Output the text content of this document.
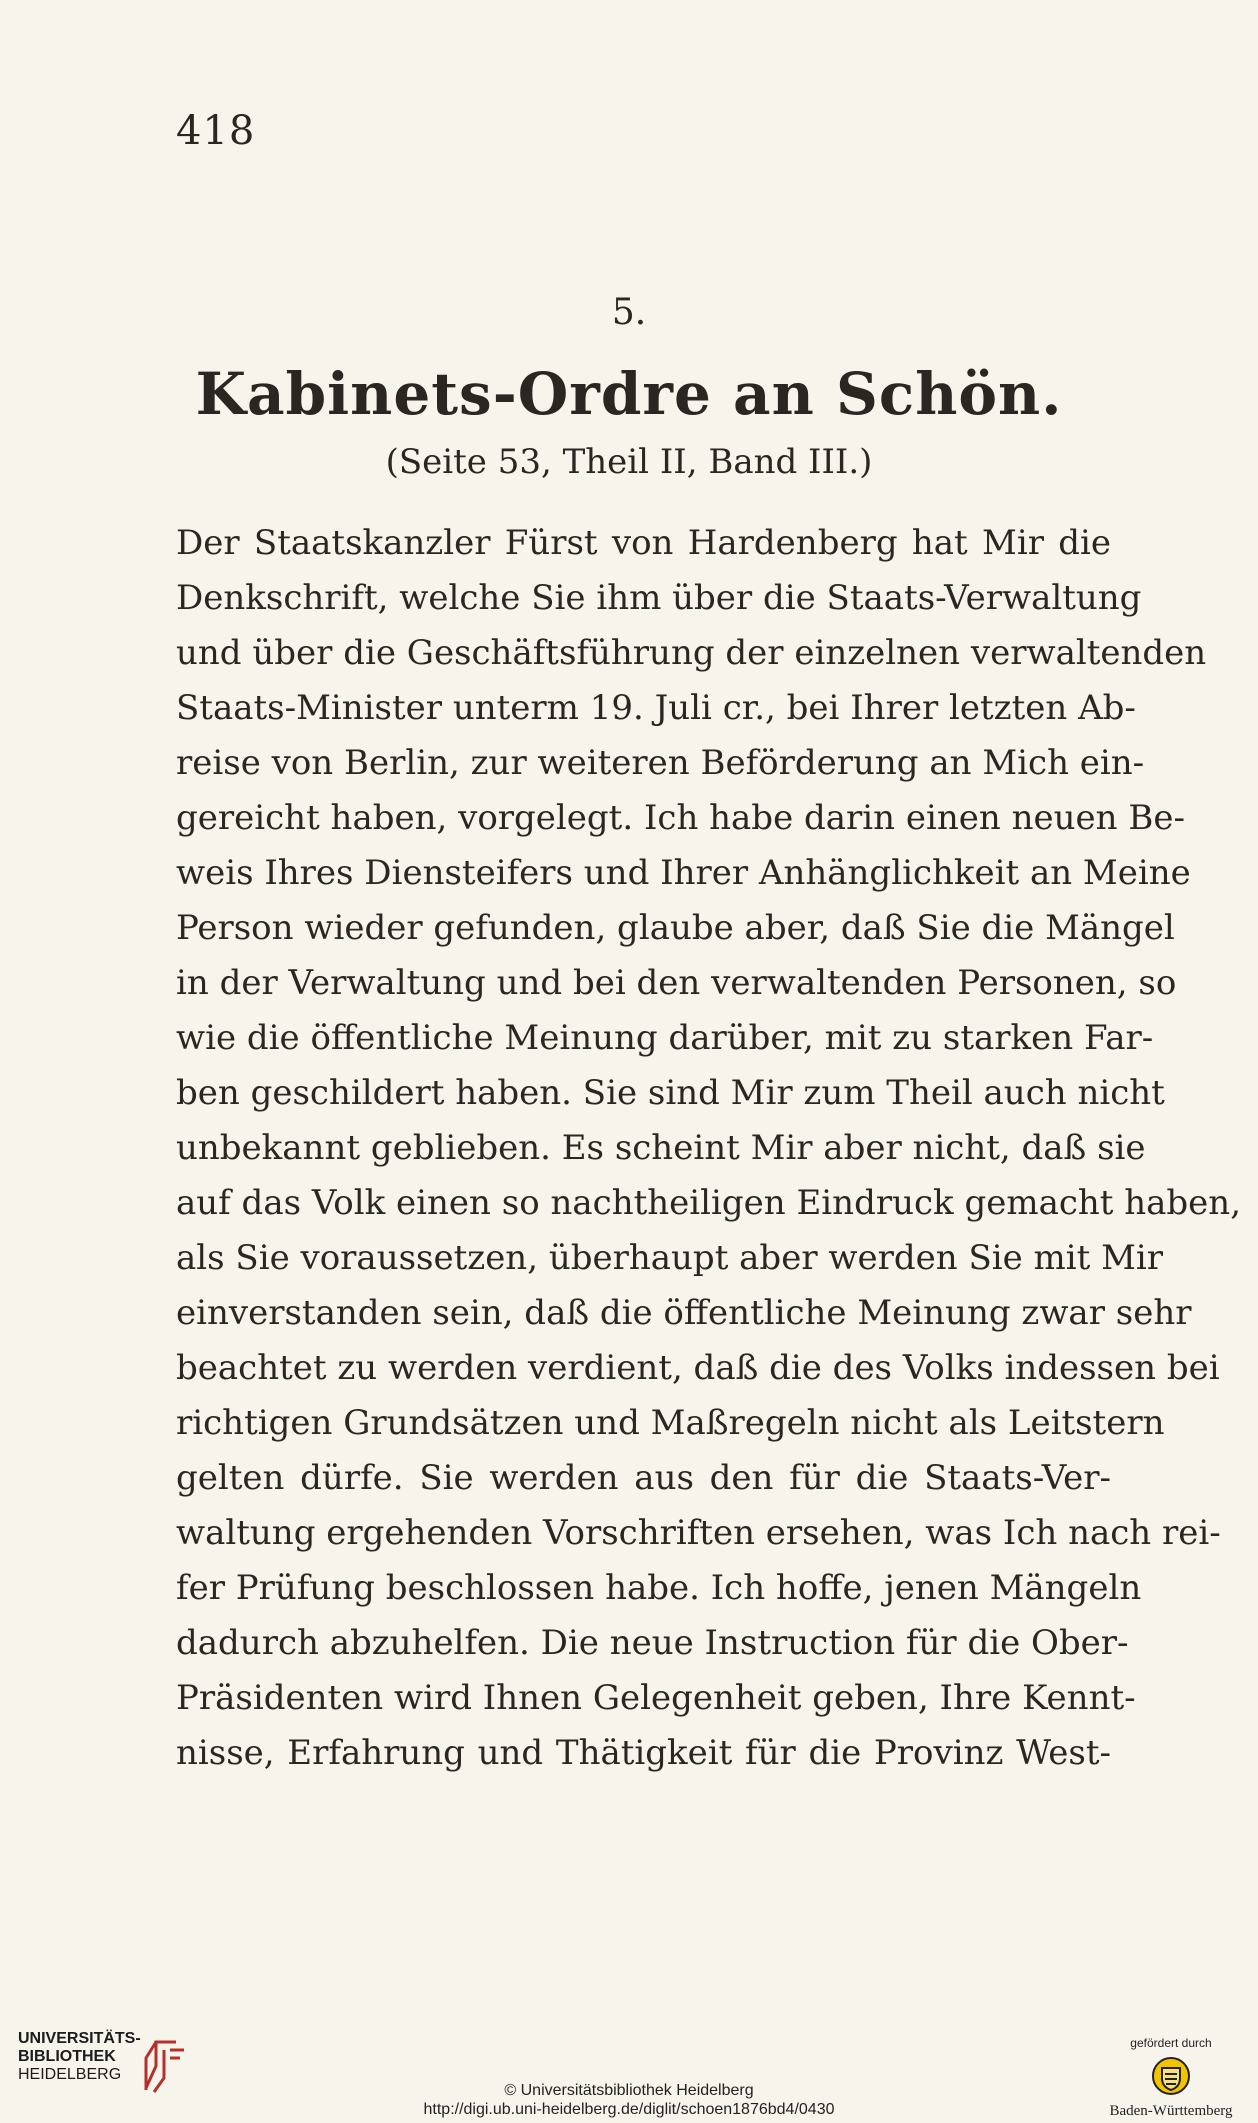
418
5.
Kabinets-Ordre an Schön.
(Seite 53, Theil II, Band III.)
Der Staatskanzler Fürst von Hardenberg hat Mir die
Denkschrift, welche Sie ihm über die Staats-Verwaltung
und über die Geschäftsführung der einzelnen verwaltenden
Staats-Minister unterm 19. Juli cr., bei Ihrer letzten Ab-
reise von Berlin, zur weiteren Beförderung an Mich ein-
gereicht haben, vorgelegt. Ich habe darin einen neuen Be-
weis Ihres Diensteifers und Ihrer Anhänglichkeit an Meine
Person wieder gefunden, glaube aber, daß Sie die Mängel
in der Verwaltung und bei den verwaltenden Personen, so
wie die öffentliche Meinung darüber, mit zu starken Far-
ben geschildert haben. Sie sind Mir zum Theil auch nicht
unbekannt geblieben. Es scheint Mir aber nicht, daß sie
auf das Volk einen so nachtheiligen Eindruck gemacht haben,
als Sie voraussetzen, überhaupt aber werden Sie mit Mir
einverstanden sein, daß die öffentliche Meinung zwar sehr
beachtet zu werden verdient, daß die des Volks indessen bei
richtigen Grundsätzen und Maßregeln nicht als Leitstern
gelten dürfe. Sie werden aus den für die Staats-Ver-
waltung ergehenden Vorschriften ersehen, was Ich nach rei-
fer Prüfung beschlossen habe. Ich hoffe, jenen Mängeln
dadurch abzuhelfen. Die neue Instruction für die Ober-
Präsidenten wird Ihnen Gelegenheit geben, Ihre Kennt-
nisse, Erfahrung und Thätigkeit für die Provinz West-
UNIVERSITÄTS-
BIBLIOTHEK
HEIDELBERG
© Universitätsbibliothek Heidelberg
http://digi.ub.uni-heidelberg.de/diglit/schoen1876bd4/0430
gefördert durch
Baden-Württemberg
